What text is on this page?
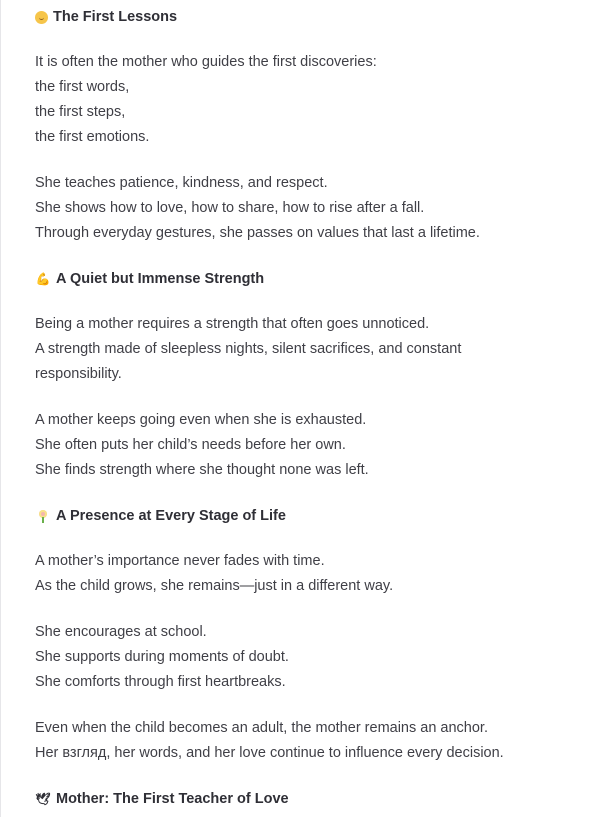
The First Lessons
It is often the mother who guides the first discoveries:
the first words,
the first steps,
the first emotions.
She teaches patience, kindness, and respect.
She shows how to love, how to share, how to rise after a fall.
Through everyday gestures, she passes on values that last a lifetime.
💪 A Quiet but Immense Strength
Being a mother requires a strength that often goes unnoticed.
A strength made of sleepless nights, silent sacrifices, and constant
responsibility.
A mother keeps going even when she is exhausted.
She often puts her child’s needs before her own.
She finds strength where she thought none was left.
A Presence at Every Stage of Life
A mother’s importance never fades with time.
As the child grows, she remains—just in a different way.
She encourages at school.
She supports during moments of doubt.
She comforts through first heartbreaks.
Even when the child becomes an adult, the mother remains an anchor.
Her взгляд, her words, and her love continue to influence every decision.
🕊 Mother: The First Teacher of Love
